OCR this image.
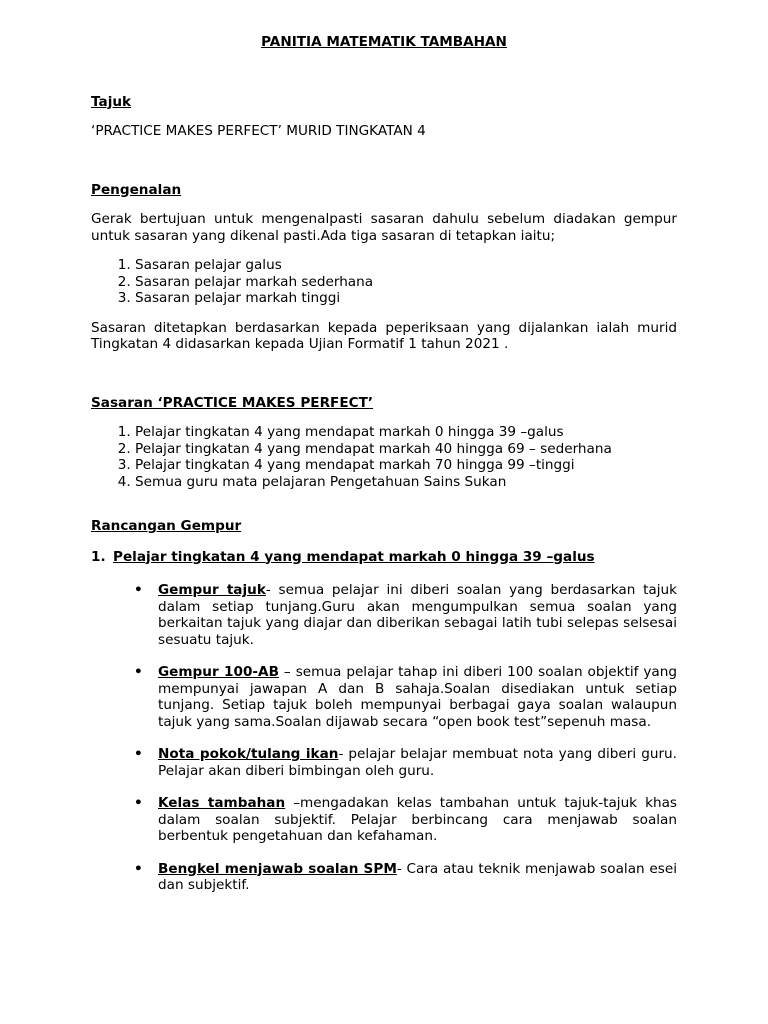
PANITIA MATEMATIK TAMBAHAN

Tajuk

‘PRACTICE MAKES PERFECT’ MURID TINGKATAN 4

Pengenalan

Gerak bertujuan untuk mengenalpasti sasaran dahulu sebelum diadakan gempur untuk sasaran yang dikenal pasti.Ada tiga sasaran di tetapkan iaitu;

1. Sasaran pelajar galus
2. Sasaran pelajar markah sederhana
3. Sasaran pelajar markah tinggi

Sasaran ditetapkan berdasarkan kepada peperiksaan yang dijalankan ialah murid Tingkatan 4 didasarkan kepada Ujian Formatif 1 tahun 2021 .

Sasaran ‘PRACTICE MAKES PERFECT’
1. Pelajar tingkatan 4 yang mendapat markah 0 hingga 39 –galus
2. Pelajar tingkatan 4 yang mendapat markah 40 hingga 69 – sederhana
3. Pelajar tingkatan 4 yang mendapat markah 70 hingga 99 –tinggi
4. Semua guru mata pelajaran Pengetahuan Sains Sukan
Rancangan Gempur
1. Pelajar tingkatan 4 yang mendapat markah 0 hingga 39 –galus
• Gempur tajuk- semua pelajar ini diberi soalan yang berdasarkan tajuk dalam setiap tunjang.Guru akan mengumpulkan semua soalan yang berkaitan tajuk yang diajar dan diberikan sebagai latih tubi selepas selsesai sesuatu tajuk.
• Gempur 100-AB – semua pelajar tahap ini diberi 100 soalan objektif yang mempunyai jawapan A dan B sahaja.Soalan disediakan untuk setiap tunjang. Setiap tajuk boleh mempunyai berbagai gaya soalan walaupun tajuk yang sama.Soalan dijawab secara “open book test”sepenuh masa.
• Nota pokok/tulang ikan- pelajar belajar membuat nota yang diberi guru. Pelajar akan diberi bimbingan oleh guru.
• Kelas tambahan –mengadakan kelas tambahan untuk tajuk-tajuk khas dalam soalan subjektif. Pelajar berbincang cara menjawab soalan berbentuk pengetahuan dan kefahaman.
• Bengkel menjawab soalan SPM- Cara atau teknik menjawab soalan esei dan subjektif.
